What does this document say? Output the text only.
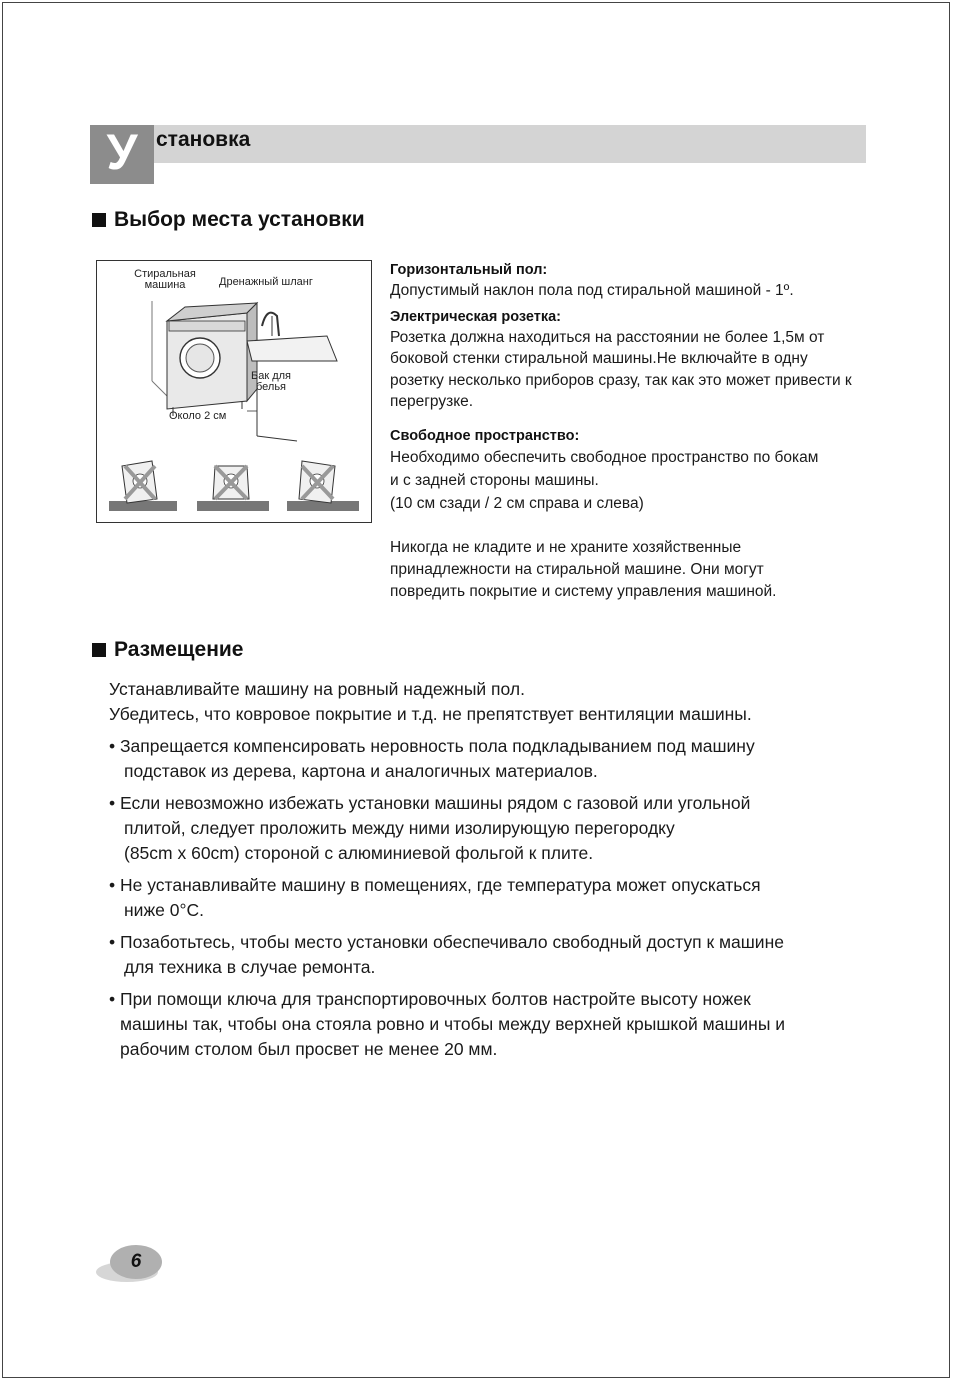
У становка
Выбор места установки
Стиральная машина	Дренажный шланг
Бак для белья
Около 2 см
Горизонтальный пол:
Допустимый наклон пола под стиральной машиной - 1º.
Электрическая розетка:
Розетка должна находиться на расстоянии не более 1,5м от боковой стенки стиральной машины.Не включайте в одну розетку несколько приборов сразу, так как это может привести к перегрузке.
Свободное пространство:
Необходимо обеспечить свободное пространство по бокам и с задней стороны машины.
(10 см сзади / 2 см справа и слева)
Никогда не кладите и не храните хозяйственные принадлежности на стиральной машине. Они могут повредить покрытие и систему управления машиной.
Размещение
Устанавливайте машину на ровный надежный пол.
Убедитесь, что ковровое покрытие и т.д. не препятствует вентиляции машины.
• Запрещается компенсировать неровность пола подкладыванием под машину
подставок из дерева, картона и аналогичных материалов.
• Если невозможно избежать установки машины рядом с газовой или угольной
плитой, следует проложить между ними изолирующую перегородку
(85cm x 60cm) стороной с алюминиевой фольгой к плите.
• Не устанавливайте машину в помещениях, где температура может опускаться
ниже 0°С.
• Позаботьтесь, чтобы место установки обеспечивало свободный доступ к машине
для техника в случае ремонта.
• При помощи ключа для транспортировочных болтов настройте высоту ножек
машины так, чтобы она стояла ровно и чтобы между верхней крышкой машины и
рабочим столом был просвет не менее 20 мм.
6
